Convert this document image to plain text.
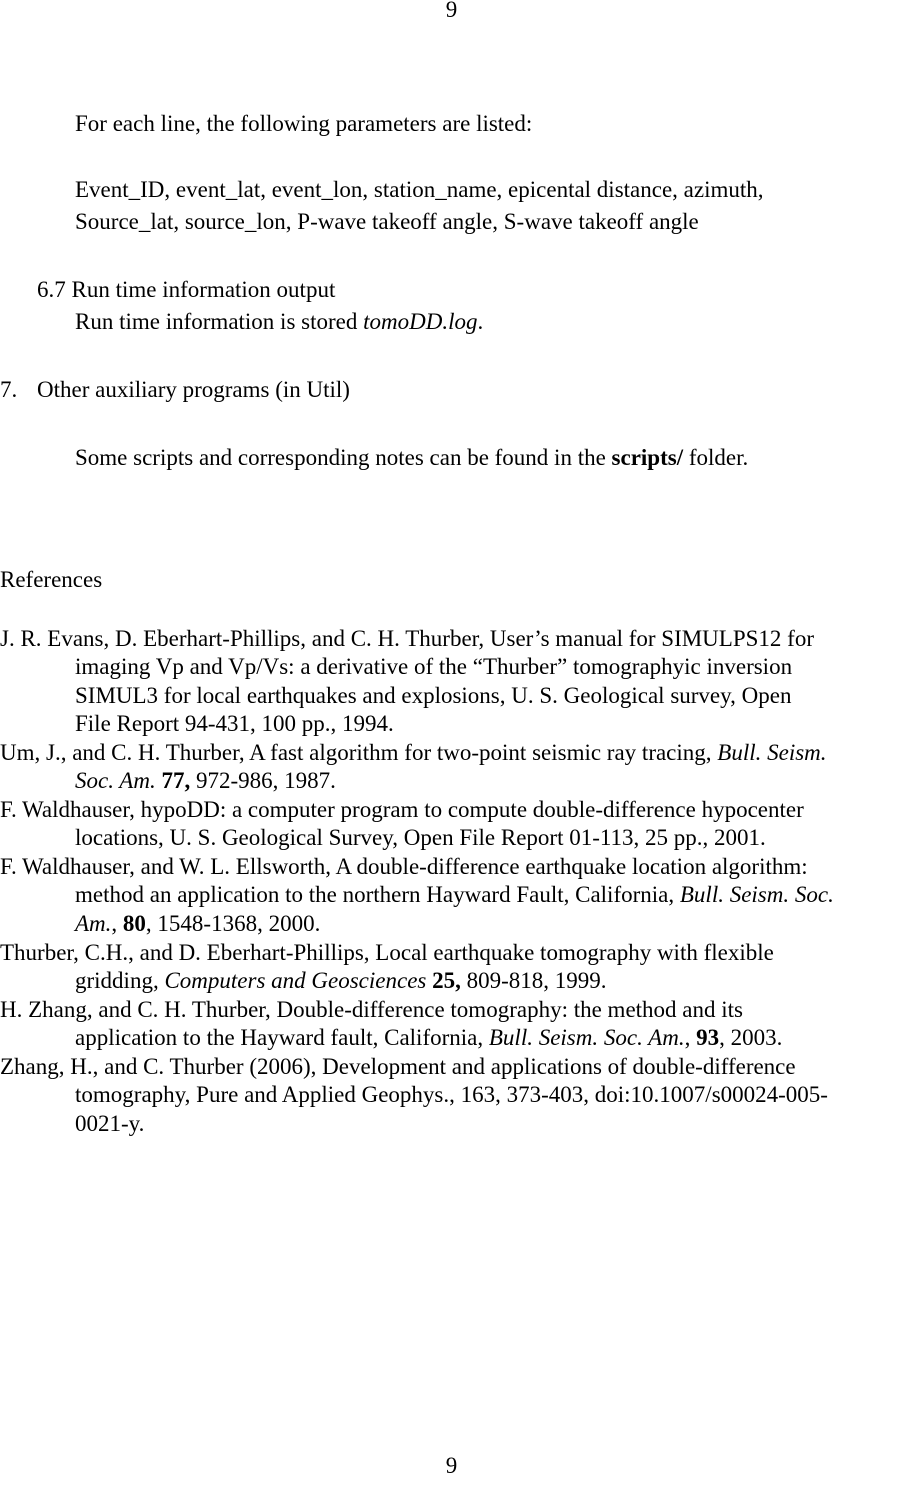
9
For each line, the following parameters are listed:
Event_ID, event_lat, event_lon, station_name, epicental distance, azimuth,
Source_lat, source_lon, P-wave takeoff angle, S-wave takeoff angle
6.7 Run time information output
Run time information is stored tomoDD.log.
7. Other auxiliary programs (in Util)
Some scripts and corresponding notes can be found in the scripts/ folder.
References
J. R. Evans, D. Eberhart-Phillips, and C. H. Thurber, User’s manual for SIMULPS12 for
imaging Vp and Vp/Vs: a derivative of the “Thurber” tomographyic inversion
SIMUL3 for local earthquakes and explosions, U. S. Geological survey, Open
File Report 94-431, 100 pp., 1994.
Um, J., and C. H. Thurber, A fast algorithm for two-point seismic ray tracing, Bull. Seism.
Soc. Am. 77, 972-986, 1987.
F. Waldhauser, hypoDD: a computer program to compute double-difference hypocenter
locations, U. S. Geological Survey, Open File Report 01-113, 25 pp., 2001.
F. Waldhauser, and W. L. Ellsworth, A double-difference earthquake location algorithm:
method an application to the northern Hayward Fault, California, Bull. Seism. Soc.
Am., 80, 1548-1368, 2000.
Thurber, C.H., and D. Eberhart-Phillips, Local earthquake tomography with flexible
gridding, Computers and Geosciences 25, 809-818, 1999.
H. Zhang, and C. H. Thurber, Double-difference tomography: the method and its
application to the Hayward fault, California, Bull. Seism. Soc. Am., 93, 2003.
Zhang, H., and C. Thurber (2006), Development and applications of double-difference
tomography, Pure and Applied Geophys., 163, 373-403, doi:10.1007/s00024-005-
0021-y.
9
